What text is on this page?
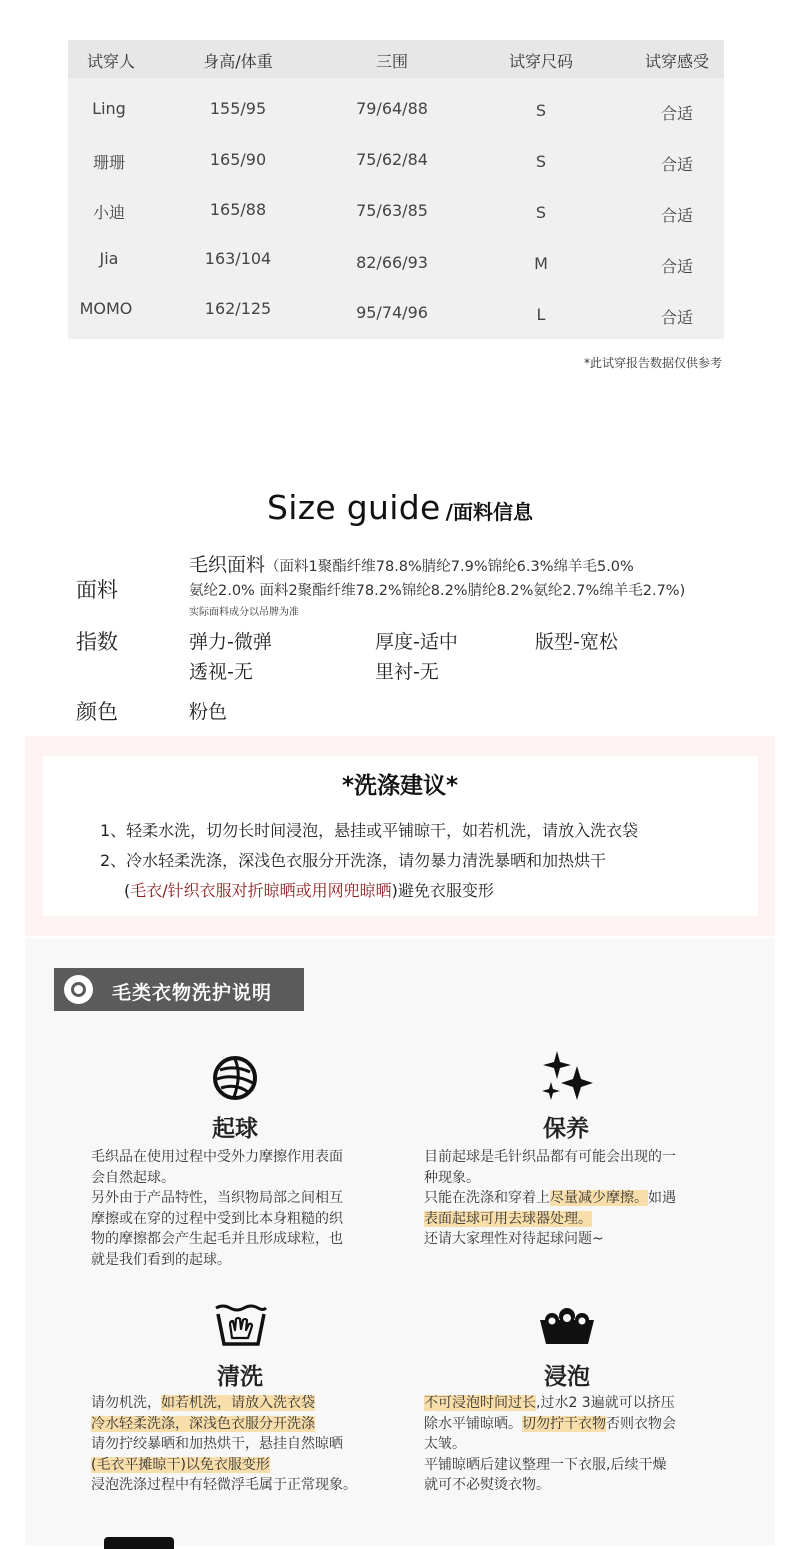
试穿人	身高/体重	三围	试穿尺码	试穿感受
Ling	155/95	79/64/88	S	合适
珊珊	165/90	75/62/84	S	合适
小迪	165/88	75/63/85	S	合适
Jia	163/104	82/66/93	M	合适
MOMO	162/125	95/74/96	L	合适
*此试穿报告数据仅供参考
Size guide /面料信息
面料
毛织面料（面料1聚酯纤维78.8%腈纶7.9%锦纶6.3%绵羊毛5.0%
氨纶2.0% 面料2聚酯纤维78.2%锦纶8.2%腈纶8.2%氨纶2.7%绵羊毛2.7%)
实际面料成分以吊牌为准
指数	弹力-微弹	厚度-适中	版型-宽松
透视-无	里衬-无
颜色	粉色
*洗涤建议*
1、轻柔水洗，切勿长时间浸泡，悬挂或平铺晾干，如若机洗，请放入洗衣袋
2、冷水轻柔洗涤，深浅色衣服分开洗涤，请勿暴力清洗暴晒和加热烘干
(毛衣/针织衣服对折晾晒或用网兜晾晒)避免衣服变形
毛类衣物洗护说明
起球

毛织品在使用过程中受外力摩擦作用表面

会自然起球。

另外由于产品特性，当织物局部之间相互

摩擦或在穿的过程中受到比本身粗糙的织

物的摩擦都会产生起毛并且形成球粒，也

就是我们看到的起球。

保养

目前起球是毛针织品都有可能会出现的一

种现象。

只能在洗涤和穿着上尽量减少摩擦。如遇

表面起球可用去球器处理。

还请大家理性对待起球问题~

清洗

请勿机洗，如若机洗，请放入洗衣袋

冷水轻柔洗涤，深浅色衣服分开洗涤

请勿拧绞暴晒和加热烘干，悬挂自然晾晒

(毛衣平摊晾干)以免衣服变形

浸泡洗涤过程中有轻微浮毛属于正常现象。

浸泡

不可浸泡时间过长,过水2 3遍就可以挤压

除水平铺晾晒。切勿拧干衣物否则衣物会

太皱。

平铺晾晒后建议整理一下衣服,后续干燥

就可不必熨烫衣物。
